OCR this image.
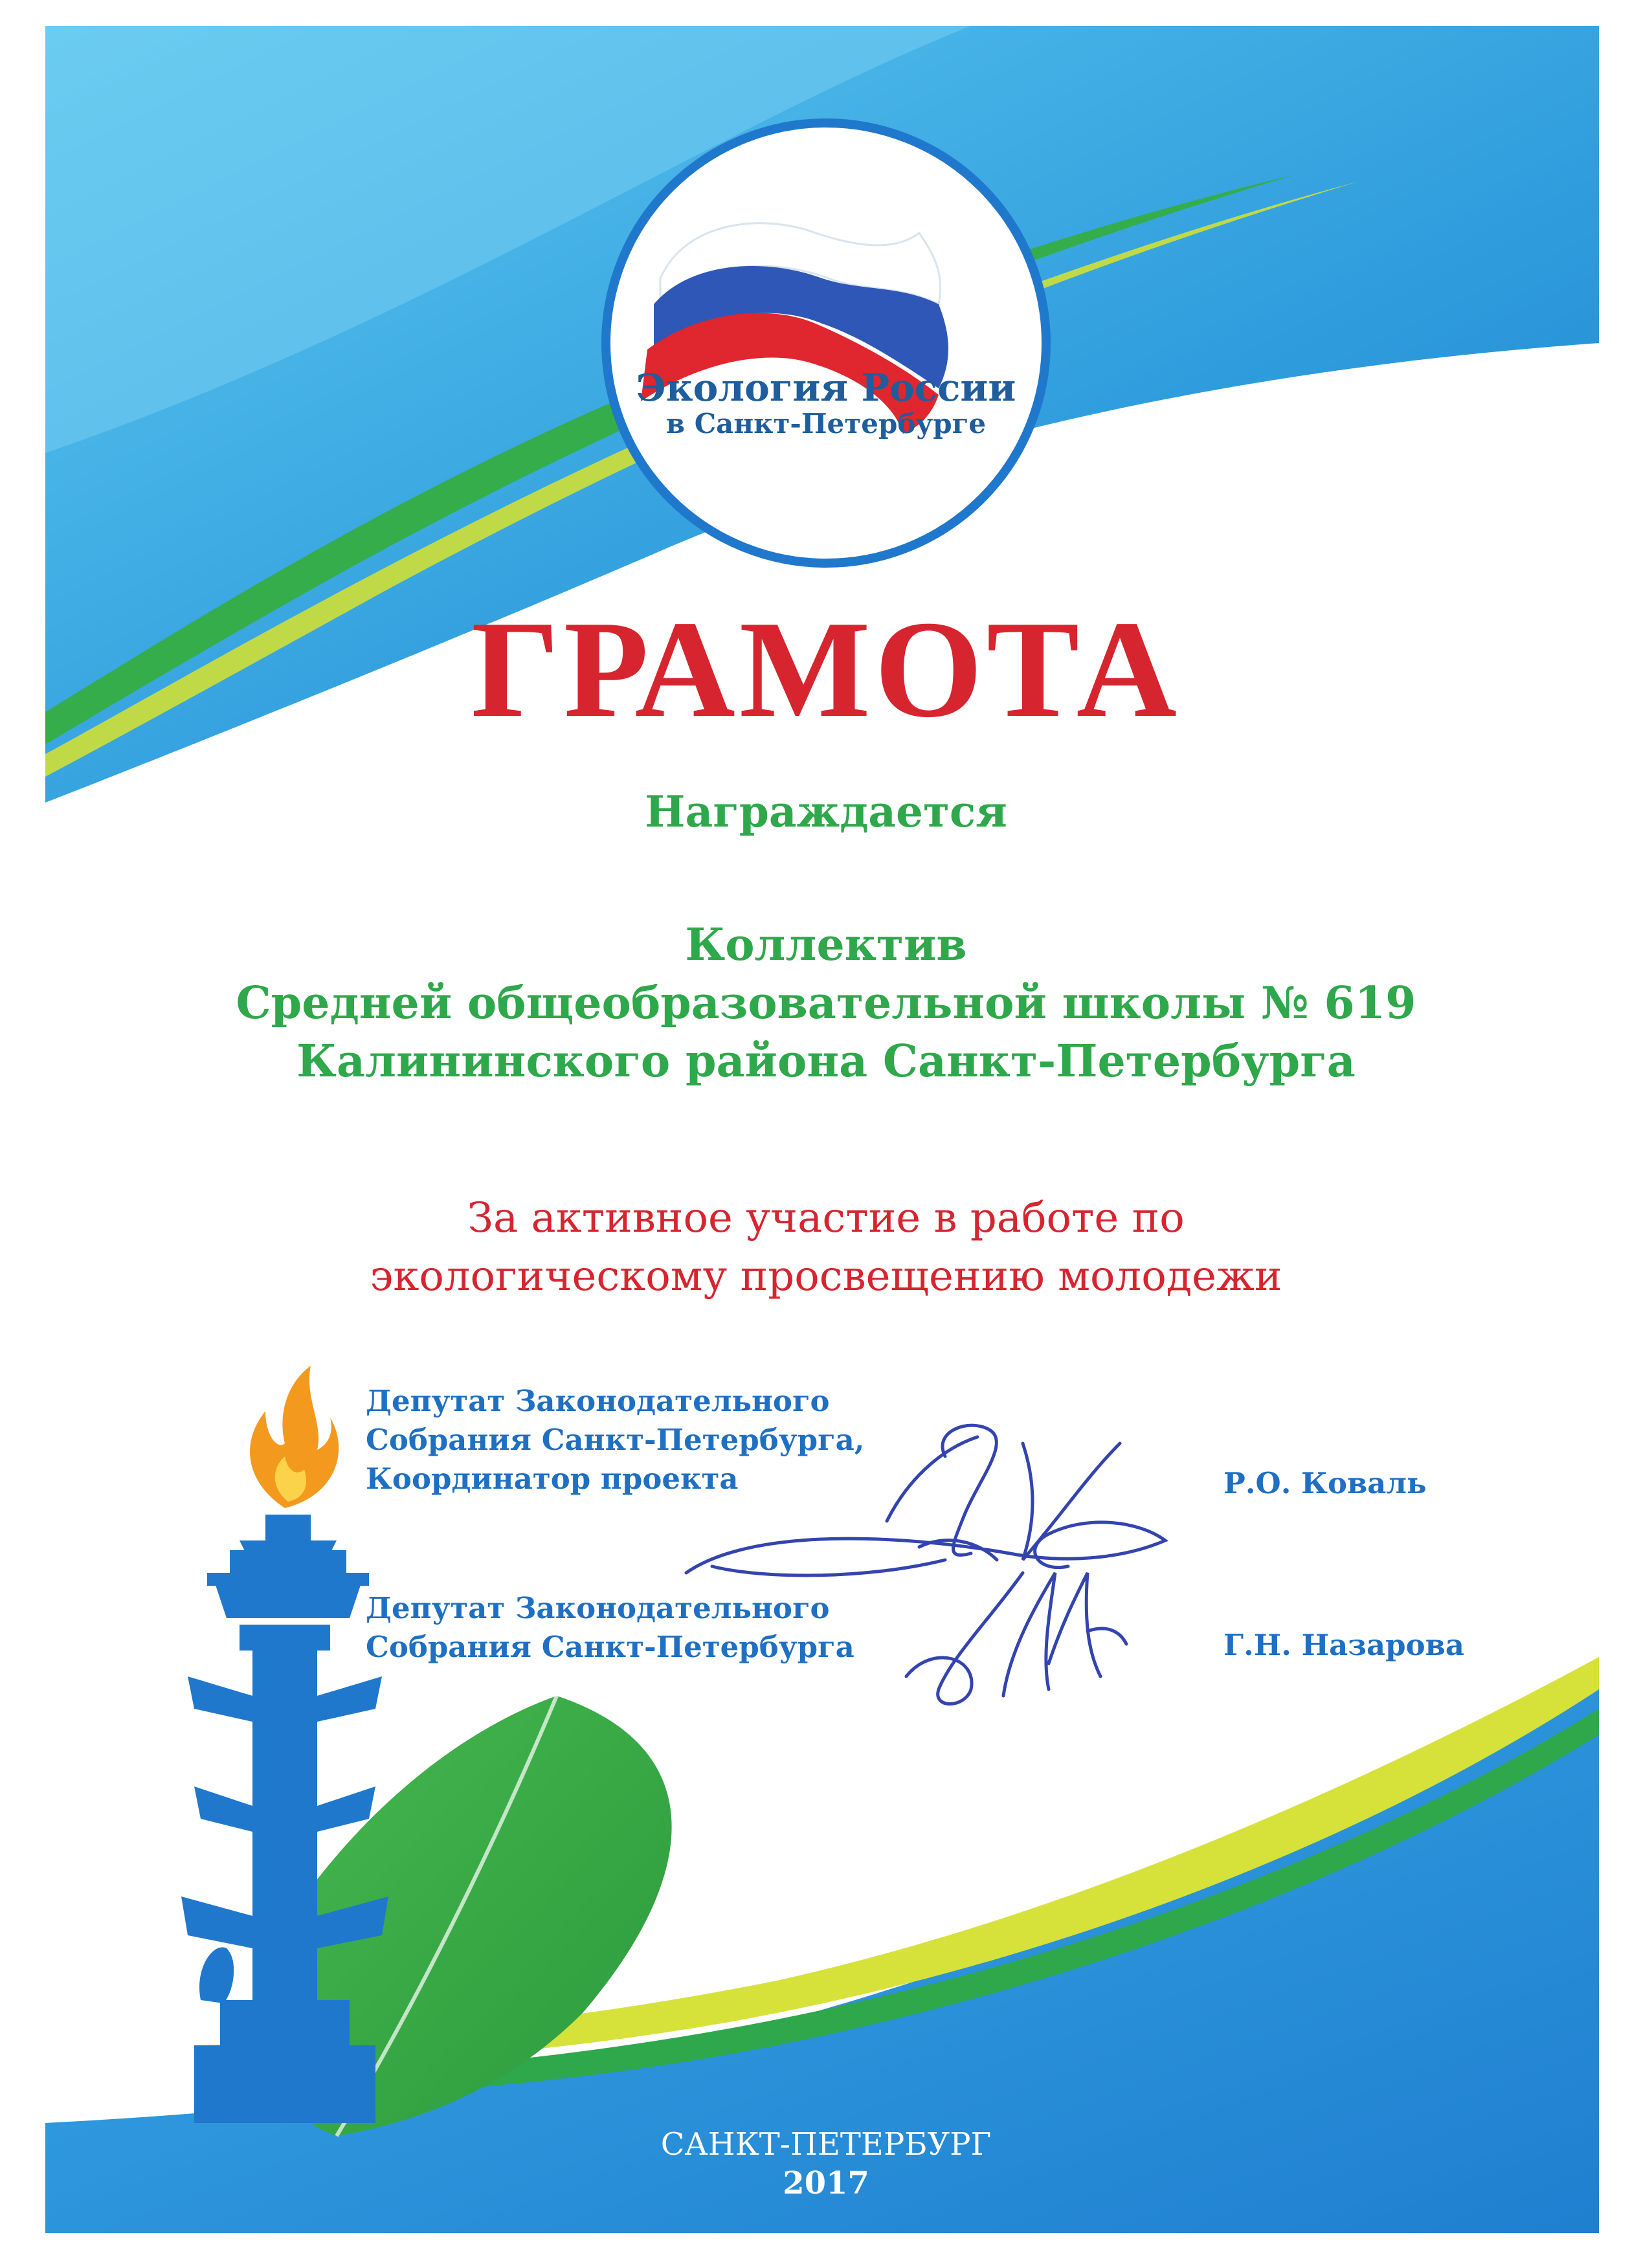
Экология России
в Санкт-Петербурге
ГРАМОТА
Награждается
Коллектив
Средней общеобразовательной школы № 619
Калининского района Санкт-Петербурга
За активное участие в работе по
экологическому просвещению молодежи
Депутат Законодательного
Собрания Санкт-Петербурга,
Координатор проекта	Р.О. Коваль
Депутат Законодательного
Собрания Санкт-Петербурга	Г.Н. Назарова
САНКТ-ПЕТЕРБУРГ
2017
